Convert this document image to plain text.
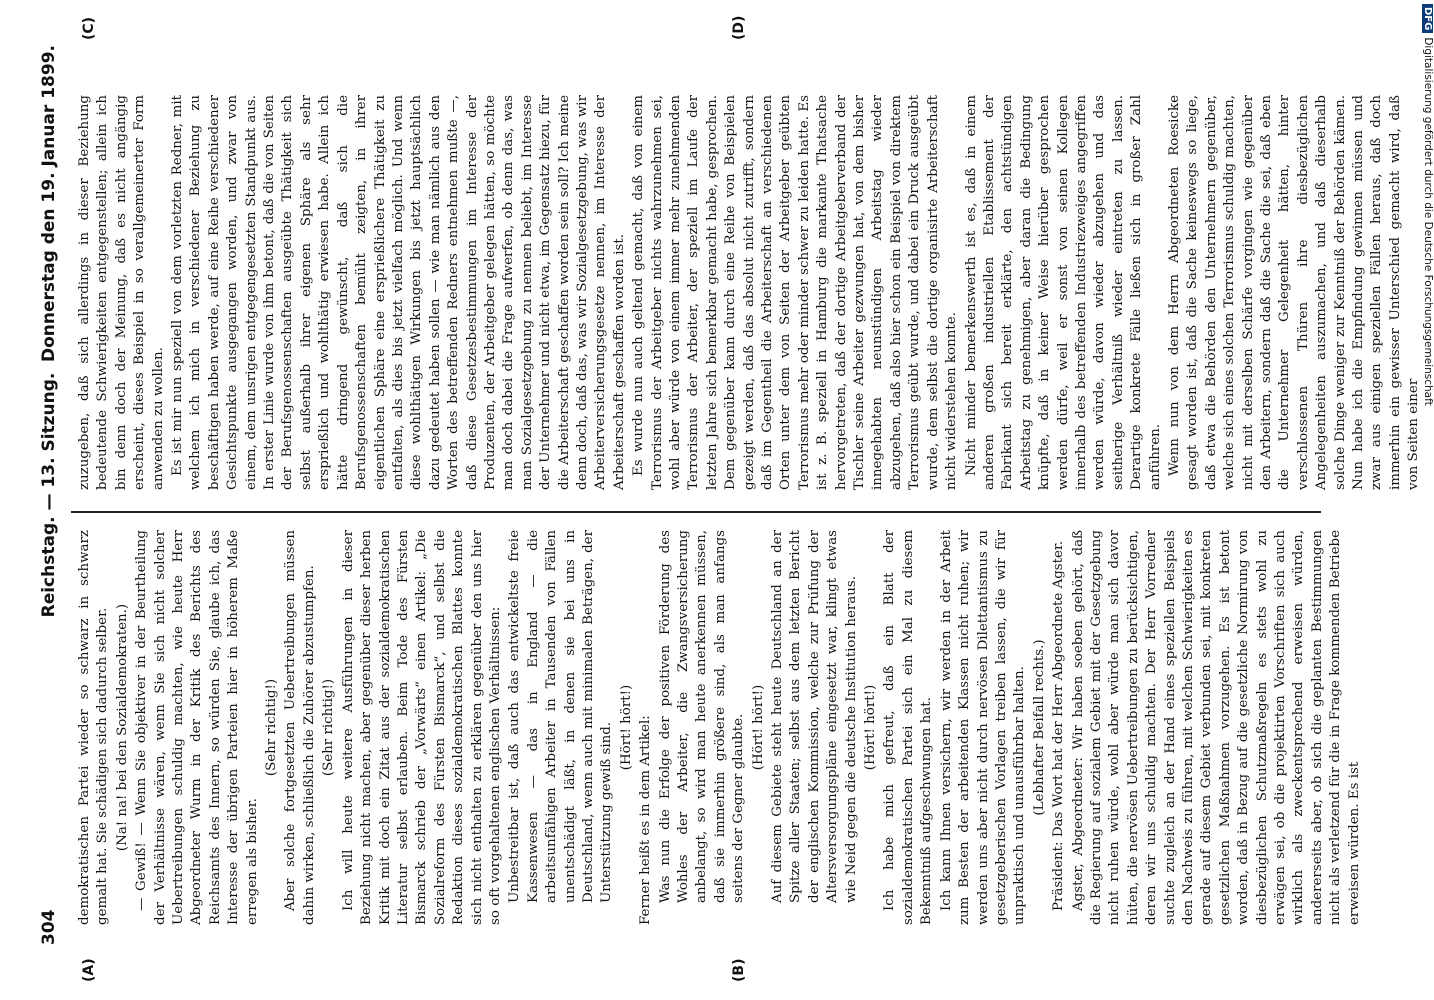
304
Reichstag. — 13. Sitzung.
Donnerstag den 19. Januar 1899.
(A)	(B)
(C)	(D)

demokratischen Partei wieder so schwarz in schwarz gemalt hat. Sie schädigen sich dadurch selber. (Na! na! bei den Sozialdemokraten.) — Gewiß! — Wenn Sie objektiver in der Beurtheilung der Verhältnisse wären, wenn Sie sich nicht solcher Uebertreibungen schuldig machten, wie heute Herr Abgeordneter Wurm in der Kritik des Berichts des Reichsamts des Innern, so würden Sie, glaube ich, das Interesse der übrigen Parteien hier in höherem Maße erregen als bisher.

(Sehr richtig!) Aber solche fortgesetzten Uebertreibungen müssen dahin wirken, schließlich die Zuhörer abzustumpfen. (Sehr richtig!) Ich will heute weitere Ausführungen in dieser Beziehung nicht machen, aber gegenüber dieser herben Kritik mit doch ein Zitat aus der sozialdemokratischen Literatur selbst erlauben. Beim Tode des Fürsten Bismarck schrieb der „Vorwärts“ einen Artikel: „Die Sozialreform des Fürsten Bismarck“, und selbst die Redaktion dieses sozialdemokratischen Blattes konnte sich nicht enthalten zu erklären gegenüber den uns hier so oft vorgehaltenen englischen Verhältnissen: Unbestreitbar ist, daß auch das entwickeltste freie Kassenwesen — das in England — die arbeitsunfähigen Arbeiter in Tausenden von Fällen unentschädigt läßt, in denen sie bei uns in Deutschland, wenn auch mit minimalen Beträgen, der Unterstützung gewiß sind. (Hört! hört!) Ferner heißt es in dem Artikel: Was nun die Erfolge der positiven Förderung des Wohles der Arbeiter, die Zwangsversicherung anbelangt, so wird man heute anerkennen müssen, daß sie immerhin größere sind, als man anfangs seitens der Gegner glaubte. (Hört! hört!) Auf diesem Gebiete steht heute Deutschland an der Spitze aller Staaten; selbst aus dem letzten Bericht der englischen Kommission, welche zur Prüfung der Altersversorgungspläne eingesetzt war, klingt etwas wie Neid gegen die deutsche Institution heraus. (Hört! hört!) Ich habe mich gefreut, daß ein Blatt der sozialdemokratischen Partei sich ein Mal zu diesem Bekenntniß aufgeschwungen hat. Ich kann Ihnen versichern, wir werden in der Arbeit zum Besten der arbeitenden Klassen nicht ruhen; wir werden uns aber nicht durch nervösen Dilettantismus zu gesetzgeberischen Vorlagen treiben lassen, die wir für unpraktisch und unausführbar halten. (Lebhafter Beifall rechts.) Präsident: Das Wort hat der Herr Abgeordnete Agster. Agster, Abgeordneter: Wir haben soeben gehört, daß die Regierung auf sozialem Gebiet mit der Gesetzgebung nicht ruhen würde, wohl aber würde man sich davor hüten, die nervösen Uebertreibungen zu berücksichtigen, deren wir uns schuldig machten. Der Herr Vorredner suchte zugleich an der Hand eines speziellen Beispiels den Nachweis zu führen, mit welchen Schwierigkeiten es gerade auf diesem Gebiet verbunden sei, mit konkreten gesetzlichen Maßnahmen vorzugehen. Es ist betont worden, daß in Bezug auf die gesetzliche Normirung von diesbezüglichen Schutzmaßregeln es stets wohl zu erwägen sei, ob die projektirten Vorschriften sich auch wirklich als zweckentsprechend erweisen würden, andererseits aber, ob sich die geplanten Bestimmungen nicht als verletzend für die in Frage kommenden Betriebe erweisen würden. Es ist

zuzugeben, daß sich allerdings in dieser Beziehung bedeutende Schwierigkeiten entgegenstellen; allein ich bin denn doch der Meinung, daß es nicht angängig erscheint, dieses Beispiel in so verallgemeinerter Form anwenden zu wollen. Es ist mir nun speziell von dem vorletzten Redner, mit welchem ich mich in verschiedener Beziehung zu beschäftigen haben werde, auf eine Reihe verschiedener Gesichtspunkte ausgegangen worden, und zwar von einem, dem unsrigen entgegengesetzten Standpunkt aus. In erster Linie wurde von ihm betont, daß die von Seiten der Berufsgenossenschaften ausgeübte Thätigkeit sich selbst außerhalb ihrer eigenen Sphäre als sehr ersprießlich und wohlthätig erwiesen habe. Allein ich hätte dringend gewünscht, daß sich die Berufsgenossenschaften bemüht zeigten, in ihrer eigentlichen Sphäre eine ersprießlichere Thätigkeit zu entfalten, als dies bis jetzt vielfach möglich. Und wenn diese wohlthätigen Wirkungen bis jetzt hauptsächlich dazu gedeutet haben sollen — wie man nämlich aus den Worten des betreffenden Redners entnehmen mußte —, daß diese Gesetzesbestimmungen im Interesse der Produzenten, der Arbeitgeber gelegen hätten, so möchte man doch dabei die Frage aufwerfen, ob denn das, was man Sozialgesetzgebung zu nennen beliebt, im Interesse der Unternehmer und nicht etwa, im Gegensatz hiezu, für die Arbeiterschaft geschaffen worden sein soll? Ich meine denn doch, daß das, was wir Sozialgesetzgebung, was wir Arbeiterversicherungsgesetze nennen, im Interesse der Arbeiterschaft geschaffen worden ist. Es wurde nun auch geltend gemacht, daß von einem Terrorismus der Arbeitgeber nichts wahrzunehmen sei, wohl aber würde von einem immer mehr zunehmenden Terrorismus der Arbeiter, der speziell im Laufe der letzten Jahre sich bemerkbar gemacht habe, gesprochen. Dem gegenüber kann durch eine Reihe von Beispielen gezeigt werden, daß das absolut nicht zutrifft, sondern daß im Gegentheil die Arbeiterschaft an verschiedenen Orten unter dem von Seiten der Arbeitgeber geübten Terrorismus mehr oder minder schwer zu leiden hatte. Es ist z. B. speziell in Hamburg die markante Thatsache hervorgetreten, daß der dortige Arbeitgeberverband der Tischler seine Arbeiter gezwungen hat, von dem bisher innegehabten neunstündigen Arbeitstag wieder abzugehen, daß also hier schon ein Beispiel von direktem Terrorismus geübt wurde, und dabei ein Druck ausgeübt wurde, dem selbst die dortige organisirte Arbeiterschaft nicht widerstehen konnte. Nicht minder bemerkenswerth ist es, daß in einem anderen großen industriellen Etablissement der Fabrikant sich bereit erklärte, den achtstündigen Arbeitstag zu genehmigen, aber daran die Bedingung knüpfte, daß in keiner Weise hierüber gesprochen werden dürfe, weil er sonst von seinen Kollegen innerhalb des betreffenden Industriezweiges angegriffen werden würde, davon wieder abzugehen und das seitherige Verhältniß wieder eintreten zu lassen. Derartige konkrete Fälle ließen sich in großer Zahl anführen. Wenn nun von dem Herrn Abgeordneten Roesicke gesagt worden ist, daß die Sache keineswegs so liege, daß etwa die Behörden den Unternehmern gegenüber, welche sich eines solchen Terrorismus schuldig machten, nicht mit derselben Schärfe vorgingen wie gegenüber den Arbeitern, sondern daß die Sache die sei, daß eben die Unternehmer Gelegenheit hätten, hinter verschlossenen Thüren ihre diesbezüglichen Angelegenheiten auszumachen, und daß dieserhalb solche Dinge weniger zur Kenntniß der Behörden kämen. Nun habe ich die Empfindung gewinnen müssen und zwar aus einigen speziellen Fällen heraus, daß doch immerhin ein gewisser Unterschied gemacht wird, daß von Seiten einer

DFGDigitalisierung gefördert durch die Deutsche Forschungsgemeinschaft
